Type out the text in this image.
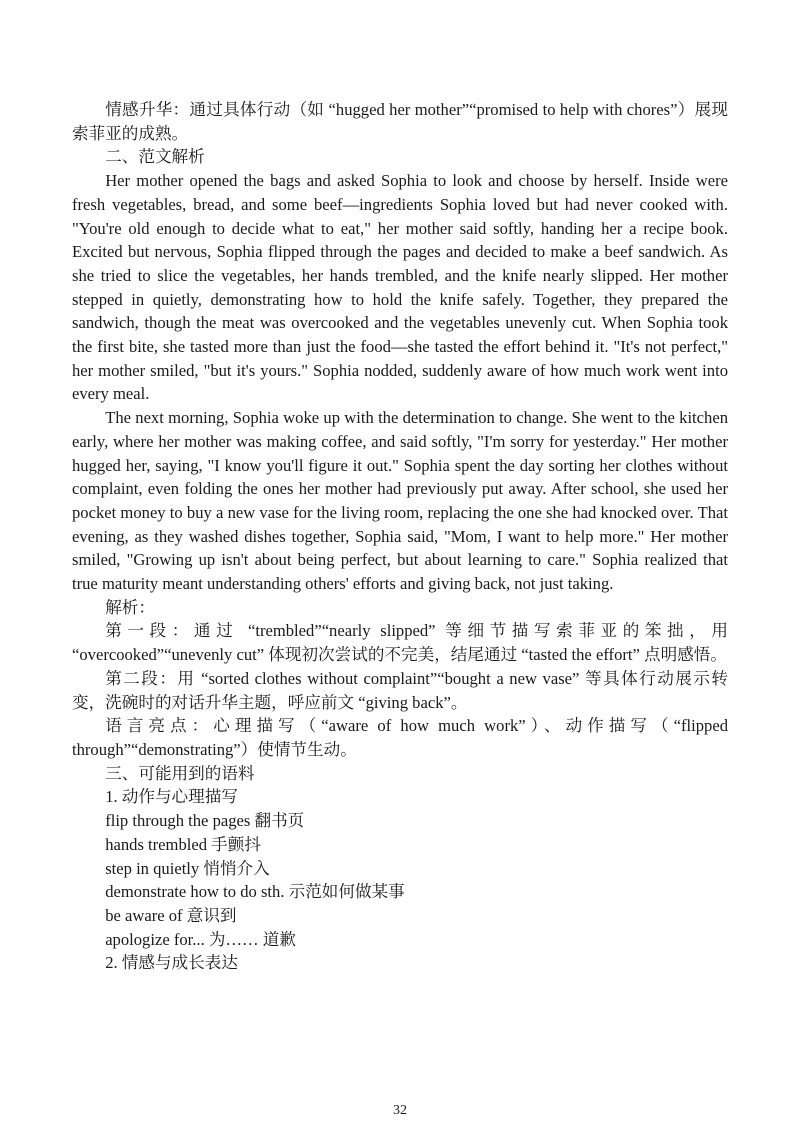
情感升华：通过具体行动（如 “hugged her mother”“promised to help with chores”）展现索菲亚的成熟。

二、范文解析

Her mother opened the bags and asked Sophia to look and choose by herself. Inside were fresh vegetables, bread, and some beef—ingredients Sophia loved but had never cooked with. "You're old enough to decide what to eat," her mother said softly, handing her a recipe book. Excited but nervous, Sophia flipped through the pages and decided to make a beef sandwich. As she tried to slice the vegetables, her hands trembled, and the knife nearly slipped. Her mother stepped in quietly, demonstrating how to hold the knife safely. Together, they prepared the sandwich, though the meat was overcooked and the vegetables unevenly cut. When Sophia took the first bite, she tasted more than just the food—she tasted the effort behind it. "It's not perfect," her mother smiled, "but it's yours." Sophia nodded, suddenly aware of how much work went into every meal.

The next morning, Sophia woke up with the determination to change. She went to the kitchen early, where her mother was making coffee, and said softly, "I'm sorry for yesterday." Her mother hugged her, saying, "I know you'll figure it out." Sophia spent the day sorting her clothes without complaint, even folding the ones her mother had previously put away. After school, she used her pocket money to buy a new vase for the living room, replacing the one she had knocked over. That evening, as they washed dishes together, Sophia said, "Mom, I want to help more." Her mother smiled, "Growing up isn't about being perfect, but about learning to care." Sophia realized that true maturity meant understanding others' efforts and giving back, not just taking.

解析：

第一段：通过 “trembled”“nearly slipped” 等细节描写索菲亚的笨拙，用 “overcooked”“unevenly cut” 体现初次尝试的不完美，结尾通过 “tasted the effort” 点明感悟。

第二段：用 “sorted clothes without complaint”“bought a new vase” 等具体行动展示转变，洗碗时的对话升华主题，呼应前文 “giving back”。

语言亮点：心理描写（“aware of how much work”）、动作描写（“flipped through”“demonstrating”）使情节生动。

三、可能用到的语料

1. 动作与心理描写

flip through the pages 翻书页

hands trembled 手颤抖

step in quietly 悄悄介入

demonstrate how to do sth. 示范如何做某事

be aware of 意识到

apologize for... 为…… 道歉

2. 情感与成长表达

32
